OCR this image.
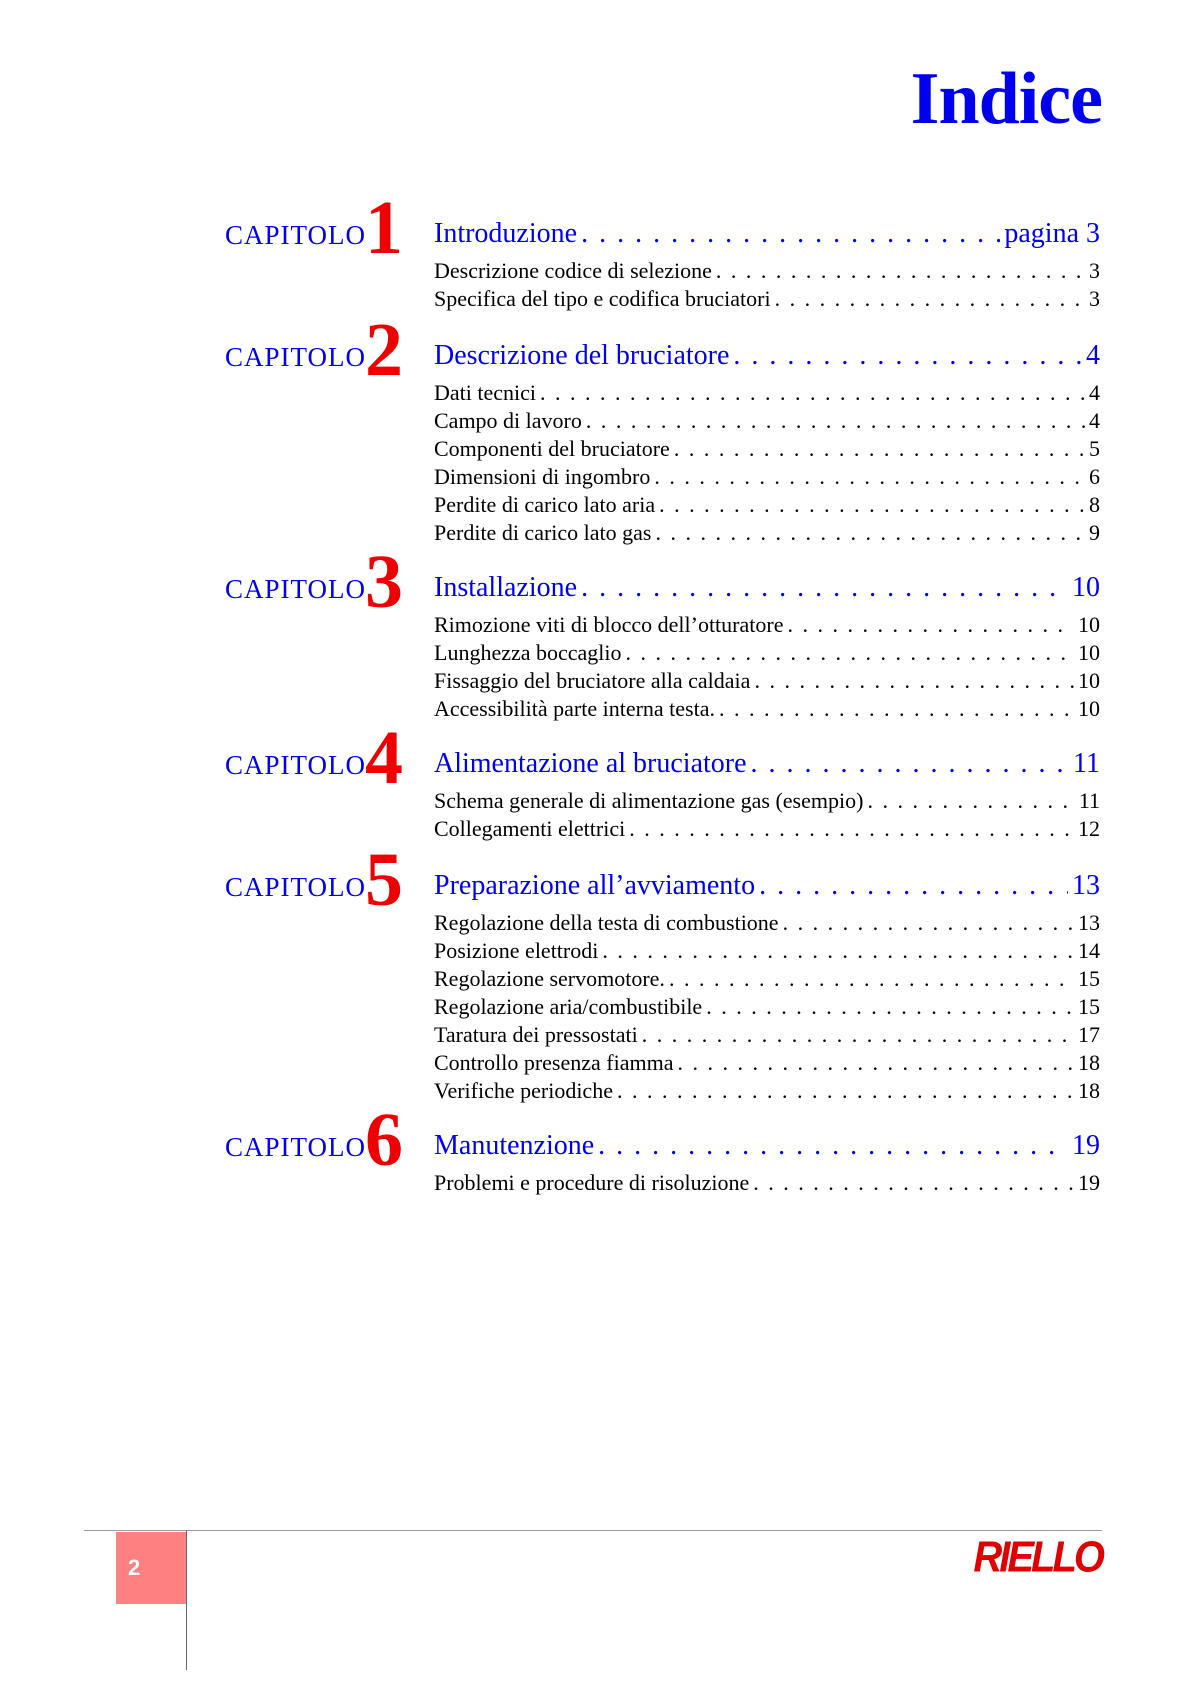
Indice
CAPITOLO
1 Introduzione . . .	pagina 3
Descrizione codice di selezione . . .	3
Specifica del tipo e codifica bruciatori . . .	3
CAPITOLO
2 Descrizione del bruciatore . . .	4
Dati tecnici . . .	4
Campo di lavoro . . .	4
Componenti del bruciatore . . .	5
Dimensioni di ingombro . . .	6
Perdite di carico lato aria . . .	8
Perdite di carico lato gas . . .	9
CAPITOLO
3 Installazione . . .	10
Rimozione viti di blocco dell’otturatore . . .	10
Lunghezza boccaglio . . .	10
Fissaggio del bruciatore alla caldaia . . .	10
Accessibilità parte interna testa. . . .	10
CAPITOLO
4 Alimentazione al bruciatore . . .	11
Schema generale di alimentazione gas (esempio) . . .	11
Collegamenti elettrici . . .	12
CAPITOLO
5 Preparazione all’avviamento . . .	13
Regolazione della testa di combustione . . .	13
Posizione elettrodi . . .	14
Regolazione servomotore. . . .	15
Regolazione aria/combustibile . . .	15
Taratura dei pressostati . . .	17
Controllo presenza fiamma . . .	18
Verifiche periodiche . . .	18
CAPITOLO
6 Manutenzione . . .	19
Problemi e procedure di risoluzione . . .	19
2	RIELLO
